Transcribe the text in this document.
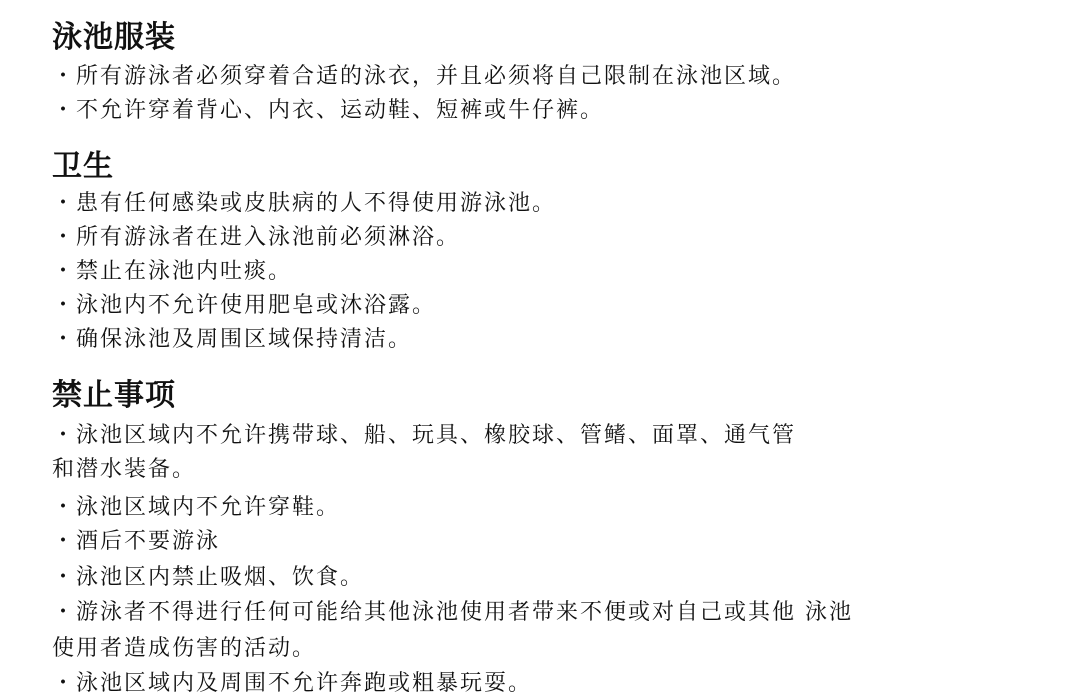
泳池服装

・所有游泳者必须穿着合适的泳衣，并且必须将自己限制在泳池区域。

・不允许穿着背心、内衣、运动鞋、短裤或牛仔裤。

卫生

・患有任何感染或皮肤病的人不得使用游泳池。

・所有游泳者在进入泳池前必须淋浴。

・禁止在泳池内吐痰。

・泳池内不允许使用肥皂或沐浴露。

・确保泳池及周围区域保持清洁。

禁止事项

・泳池区域内不允许携带球、船、玩具、橡胶球、管鳍、面罩、通气管

和潜水装备。

・泳池区域内不允许穿鞋。

・酒后不要游泳

・泳池区内禁止吸烟、饮食。

・游泳者不得进行任何可能给其他泳池使用者带来不便或对自己或其他 泳池

使用者造成伤害的活动。

・泳池区域内及周围不允许奔跑或粗暴玩耍。
